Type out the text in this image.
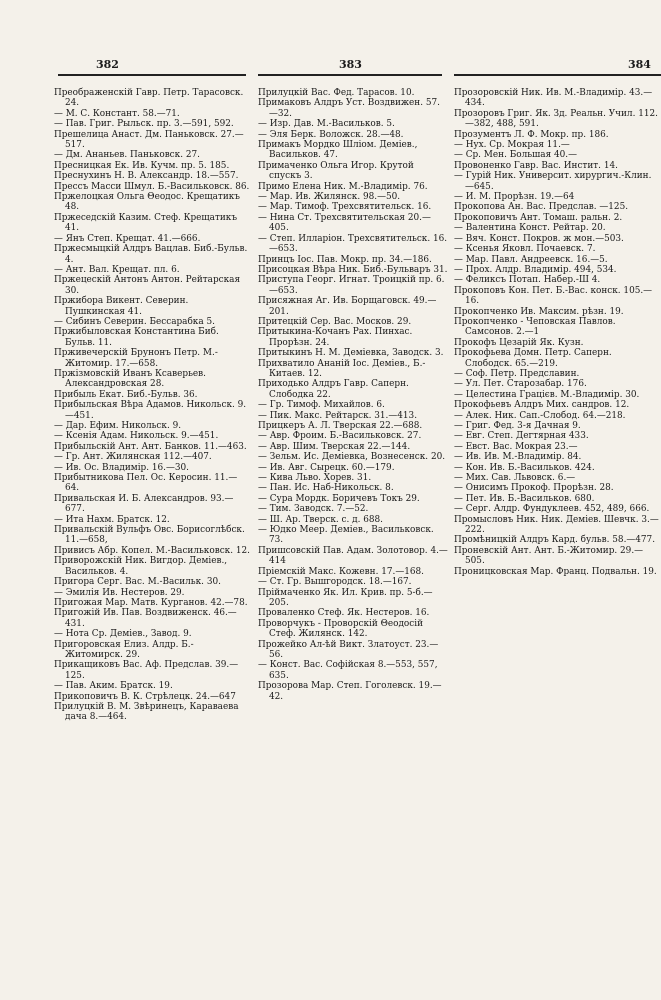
382	383	384

Преображенскій Гавр. Петр. Тарасовск. 24.

— М. С. Констант. 58.—71.

— Пав. Григ. Рыльск. пр. 3.—591, 592.

Прешелица Анаст. Дм. Паньковск. 27.—517.

— Дм. Ананьев. Паньковск. 27.

Пресницкая Ек. Ив. Кучм. пр. 5. 185.

Преснухинъ Н. В. Александр. 18.—557.

Прессъ Масси Шмул. Б.-Васильковск. 86.

Пржелоцкая Ольга Θеодос. Крещатикъ 48.

Пржеседскій Казим. Стеф. Крещатикъ 41.

— Янъ Степ. Крещат. 41.—666.

Пржесмыцкій Алдръ Вацлав. Биб.-Бульв. 4.

— Ант. Вал. Крещат. пл. 6.

Пржецескій Антонъ Антон. Рейтарская 30.

Пржибора Викент. Северин. Пушкинская 41.

— Сибинъ Северин. Бессарабка 5.

Пржибыловская Константина Биб. Бульв. 11.

Прживечерскій Брунонъ Петр. М.-Житомир. 17.—658.

Пржізмовскій Иванъ Ксаверьев. Александровская 28.

Прибыль Екат. Биб.-Бульв. 36.

Прибыльская Вѣра Адамов. Никольск. 9.—451.

— Дар. Ефим. Никольск. 9.

— Ксенія Адам. Никольск. 9.—451.

Прибыльскій Ант. Ант. Банков. 11.—463.

— Гр. Ант. Жилянская 112.—407.

— Ив. Ос. Владимір. 16.—30.

Прибытникова Пел. Ос. Керосин. 11.—64.

Привальская И. Б. Александров. 93.—677.

— Ита Нахм. Братск. 12.

Привальскій Вульфъ Овс. Борисоглѣбск. 11.—658,

Привисъ Абр. Копел. М.-Васильковск. 12.

Приворожскій Ник. Вигдор. Деміев., Васильков. 4.

Пригора Серг. Вас. М.-Васильк. 30.

— Эмилія Ив. Нестеров. 29.

Пригожая Мар. Матв. Курганов. 42.—78.

Пригожій Ив. Пав. Воздвиженск. 46.—431.

— Нота Ср. Деміев., Завод. 9.

Пригоровская Елиз. Алдр. Б.-Житомирск. 29.

Прикащиковъ Вас. Аф. Предслав. 39.—125.

— Пав. Аким. Братск. 19.

Прикоповичъ В. К. Стрѣлецк. 24.—647

Прилуцкій В. М. Звѣринецъ, Караваева дача 8.—464.

Прилуцкій Вас. Фед. Тарасов. 10.

Примаковъ Алдръ Уст. Воздвижен. 57.—32.

— Изр. Дав. М.-Васильков. 5.

— Эля Берк. Воложск. 28.—48.

Примакъ Мордко Шліом. Деміев., Васильков. 47.

Примаченко Ольга Игор. Крутой спускъ 3.

Примо Елена Ник. М.-Владимір. 76.

— Мар. Ив. Жилянск. 98.—50.

— Мар. Тимоф. Трехсвятительск. 16.

— Нина Ст. Трехсвятительская 20.—405.

— Степ. Илларіон. Трехсвятительск. 16.—653.

Принцъ Іос. Пав. Мокр. пр. 34.—186.

Присоцкая Вѣра Ник. Биб.-Бульваръ 31.

Приступа Георг. Игнат. Троицкій пр. 6.—653.

Присяжная Аг. Ив. Борщаговск. 49.—201.

Притецкій Сер. Вас. Москов. 29.

Притыкина-Кочанъ Рах. Пинхас. Прорѣзн. 24.

Притыкинъ Н. М. Деміевка, Заводск. 3.

Прихватило Ананій Іос. Деміев., Б.-Китаев. 12.

Приходько Алдръ Гавр. Саперн. Слободка 22.

— Гр. Тимоф. Михайлов. 6.

— Пик. Макс. Рейтарск. 31.—413.

Прицкеръ А. Л. Тверская 22.—688.

— Авр. Фроим. Б.-Васильковск. 27.

— Авр. Шим. Тверская 22.—144.

— Зельм. Ис. Деміевка, Вознесенск. 20.

— Ив. Авг. Сырецк. 60.—179.

— Кива Льво. Хорев. 31.

— Пан. Ис. Наб-Никольск. 8.

— Сура Мордк. Боричевъ Токъ 29.

— Тим. Заводск. 7.—52.

— Ш. Ар. Тверск. с. д. 688.

— Юдко Меер. Деміев., Васильковск. 73.

Пришсовскій Пав. Адам. Золотовор. 4.—414

Пріемскій Макс. Кожевн. 17.—168.

— Ст. Гр. Вышгородск. 18.—167.

Пріймаченко Як. Ил. Крив. пр. 5-б.—205.

Проваленко Стеф. Як. Нестеров. 16.

Проворчукъ - Проворскій Θеодосій Стеф. Жилянск. 142.

Прожейко Ал-ѣй Викт. Златоуст. 23.—56.

— Конст. Вас. Софійская 8.—553, 557, 635.

Прозорова Мар. Степ. Гоголевск. 19.—42.

Прозоровскій Ник. Ив. М.-Владимір. 43.—434.

Прозоровъ Григ. Як. Зд. Реальн. Учил. 112.—382, 488, 591.

Прозументъ Л. Ф. Мокр. пр. 186.

— Нух. Ср. Мокрая 11.—

— Ср. Мен. Большая 40.—

Провоненко Гавр. Вас. Инстит. 14.

— Гурій Ник. Университ. хирургич.-Клин.—645.

— И. М. Прорѣзн. 19.—64

Прокопова Ан. Вас. Предслав. —125.

Прокоповичъ Ант. Томаш. ральн. 2.

— Валентина Конст. Рейтар. 20.

— Вяч. Конст. Покров. ж мон.—503.

— Ксенья Яковл. Почаевск. 7.

— Мар. Павл. Андреевск. 16.—5.

— Прох. Алдр. Владимір. 494, 534.

— Феликсъ Потап. Набер.-Ш 4.

Прокоповъ Кон. Пет. Б.-Вас. конск. 105.—16.

Прокопченко Ив. Максим. рѣзн. 19.

Прокопченко - Чеповская Павлов. Самсонов. 2.—1

Прокофъ Цезарій Як. Кузн.

Прокофьева Домн. Петр. Саперн. Слободск. 65.—219.

— Соф. Петр. Предславин.

— Ул. Пет. Старозабар. 176.

— Целестина Грацієв. М.-Владимір. 30.

Прокофьевъ Алдръ Мих. сандров. 12.

— Алек. Ник. Сап.-Слобод. 64.—218.

— Григ. Фед. 3-я Дачная 9.

— Евг. Степ. Дегтярная 433.

— Евст. Вас. Мокрая 23.—

— Ив. Ив. М.-Владимір. 84.

— Кон. Ив. Б.-Васильков. 424.

— Мих. Сав. Львовск. 6.—

— Онисимъ Прокоф. Прорѣзн. 28.

— Пет. Ив. Б.-Васильков. 680.

— Серг. Алдр. Фундуклеев. 452, 489, 666.

Промысловъ Ник. Ник. Деміев. Шевчк. 3.—222.

Промѣницкій Алдръ Кард. бульв. 58.—477.

Проневскій Ант. Ант. Б.-Житомир. 29.—505.

Проницковская Мар. Франц. Подвальн. 19.
